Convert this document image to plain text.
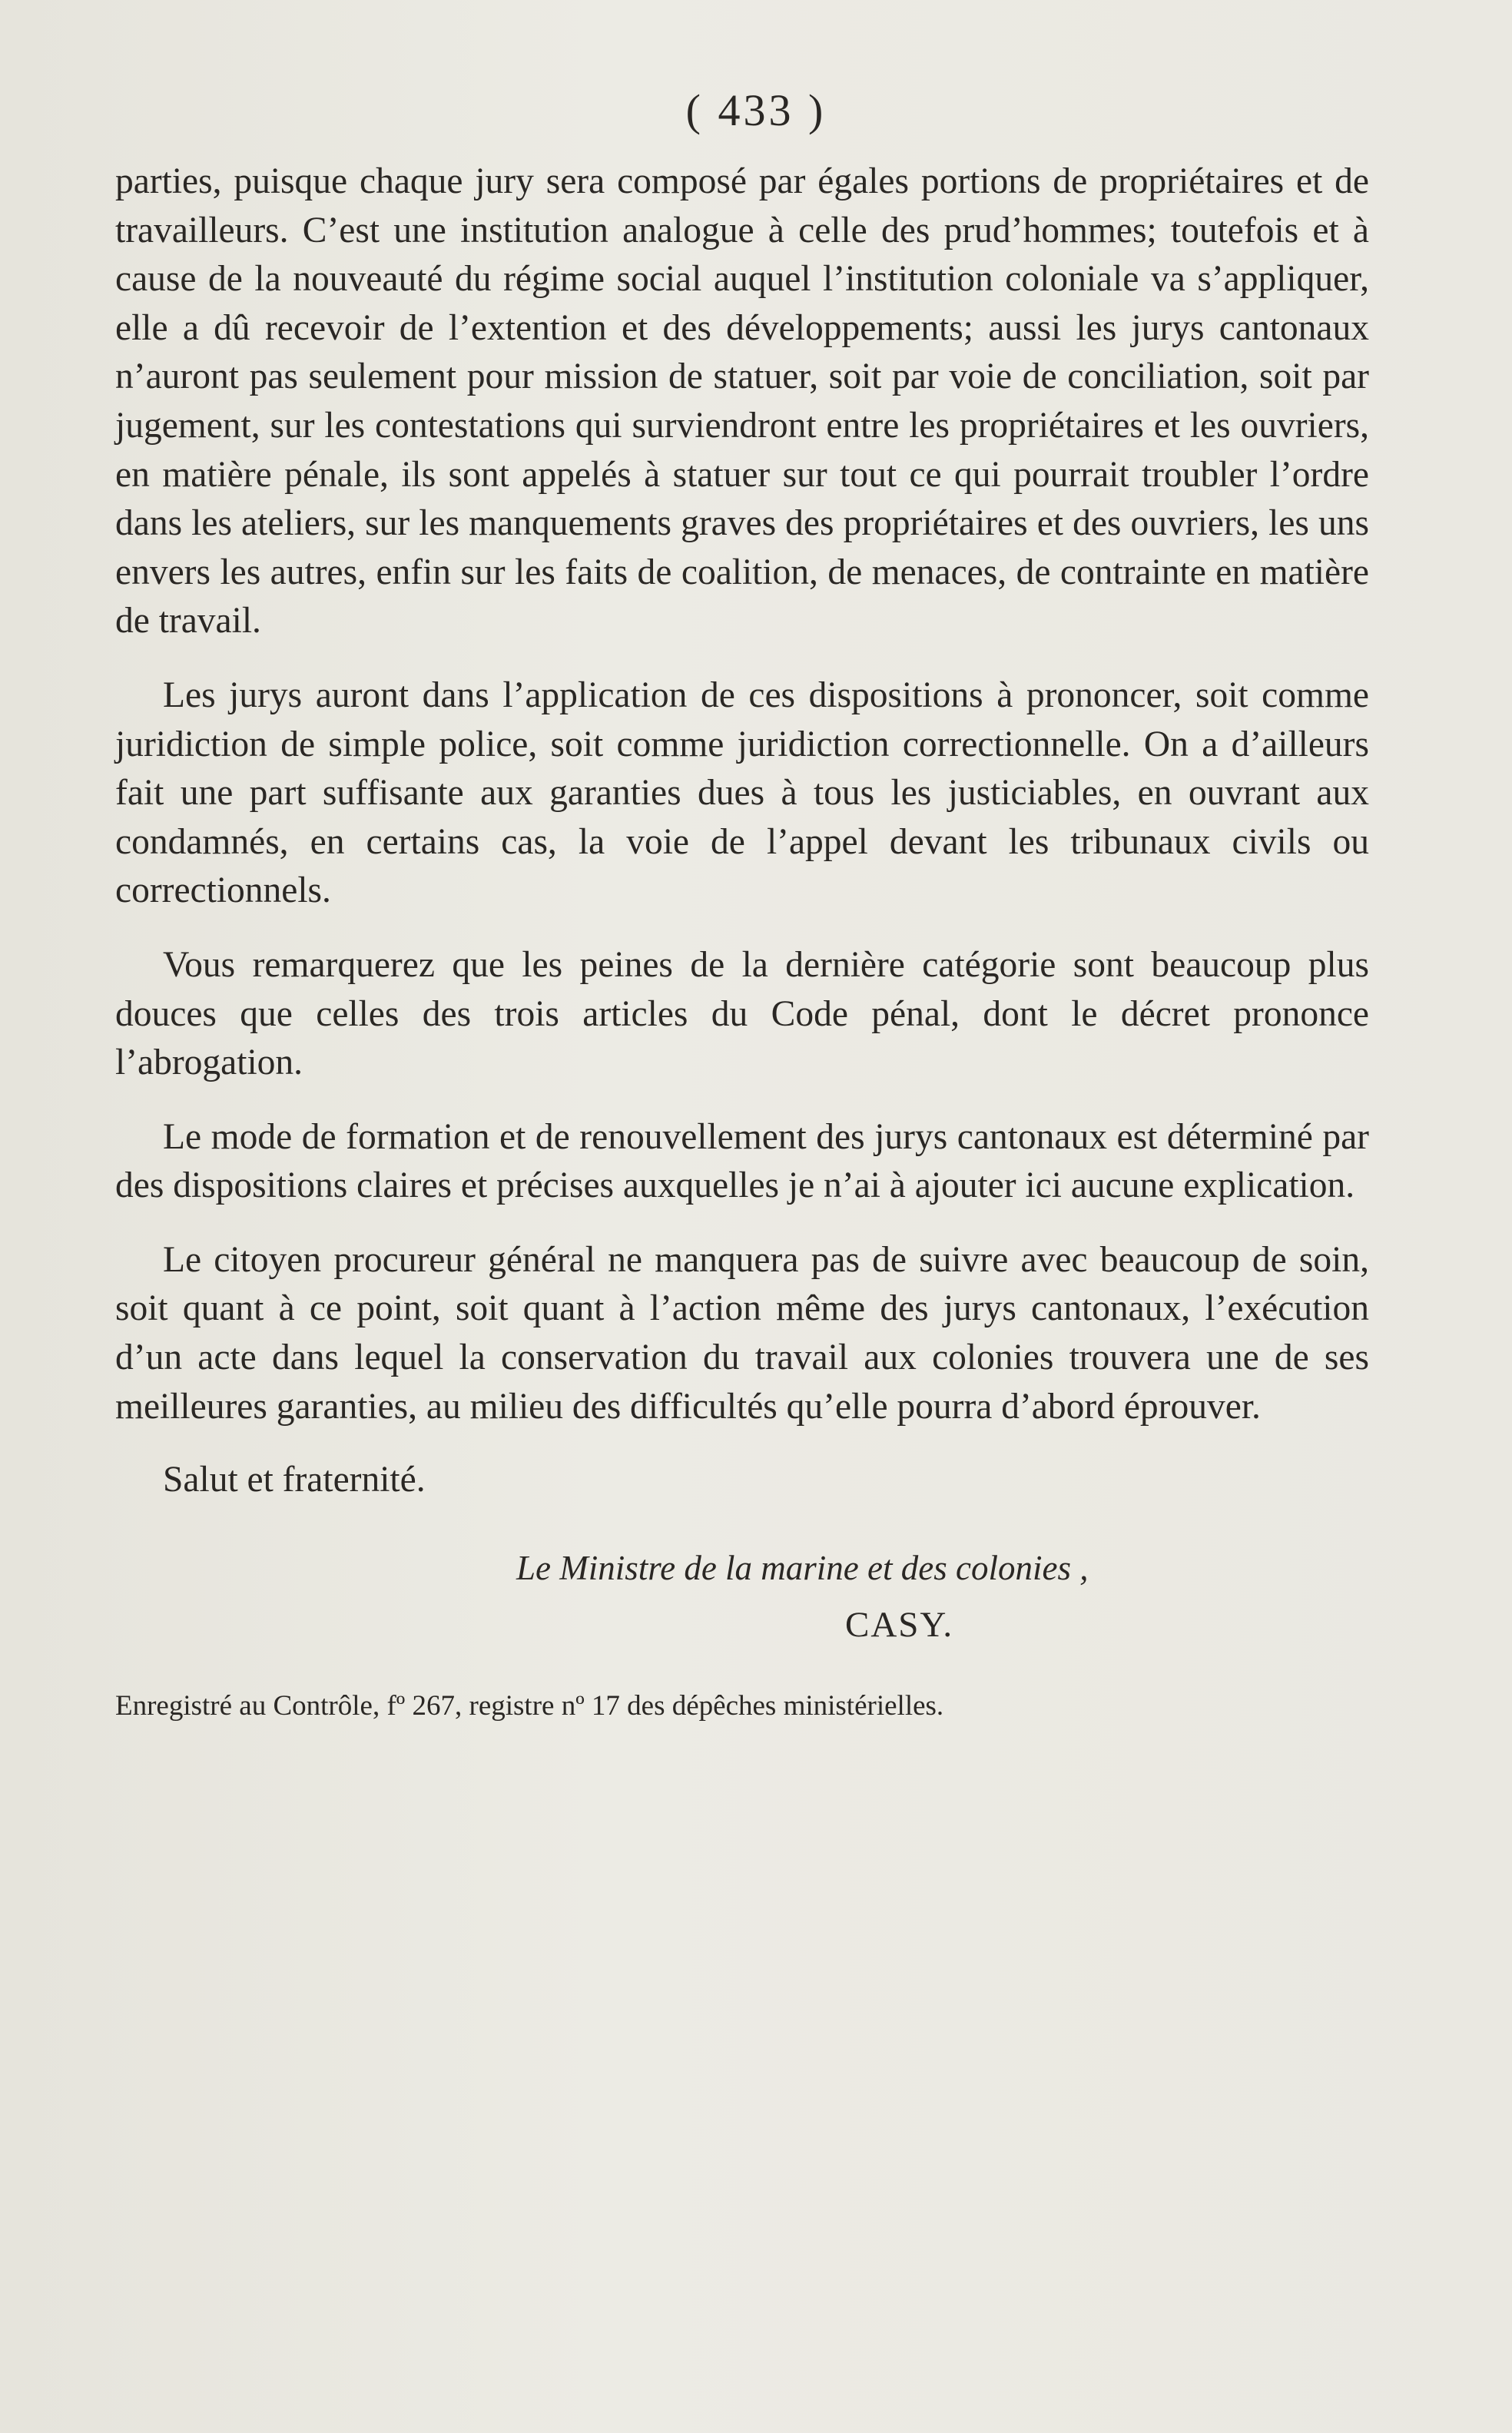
( 433 )

parties, puisque chaque jury sera composé par égales portions de propriétaires et de travailleurs. C’est une institution analogue à celle des prud’hommes; toutefois et à cause de la nouveauté du régime social auquel l’institution coloniale va s’appliquer, elle a dû recevoir de l’extention et des développements; aussi les jurys cantonaux n’auront pas seulement pour mission de statuer, soit par voie de conciliation, soit par jugement, sur les contestations qui surviendront entre les propriétaires et les ouvriers, en matière pénale, ils sont appelés à statuer sur tout ce qui pourrait troubler l’ordre dans les ateliers, sur les manquements graves des propriétaires et des ouvriers, les uns envers les autres, enfin sur les faits de coalition, de menaces, de contrainte en matière de travail.

Les jurys auront dans l’application de ces dispositions à prononcer, soit comme juridiction de simple police, soit comme juridiction correctionnelle. On a d’ailleurs fait une part suffisante aux garanties dues à tous les justiciables, en ouvrant aux condamnés, en certains cas, la voie de l’appel devant les tribunaux civils ou correctionnels.

Vous remarquerez que les peines de la dernière catégorie sont beaucoup plus douces que celles des trois articles du Code pénal, dont le décret prononce l’abrogation.

Le mode de formation et de renouvellement des jurys cantonaux est déterminé par des dispositions claires et précises auxquelles je n’ai à ajouter ici aucune explication.

Le citoyen procureur général ne manquera pas de suivre avec beaucoup de soin, soit quant à ce point, soit quant à l’action même des jurys cantonaux, l’exécution d’un acte dans lequel la conservation du travail aux colonies trouvera une de ses meilleures garanties, au milieu des difficultés qu’elle pourra d’abord éprouver.

Salut et fraternité.
Le Ministre de la marine et des colonies ,
CASY.
Enregistré au Contrôle, fº 267, registre nº 17 des dépêches ministérielles.
